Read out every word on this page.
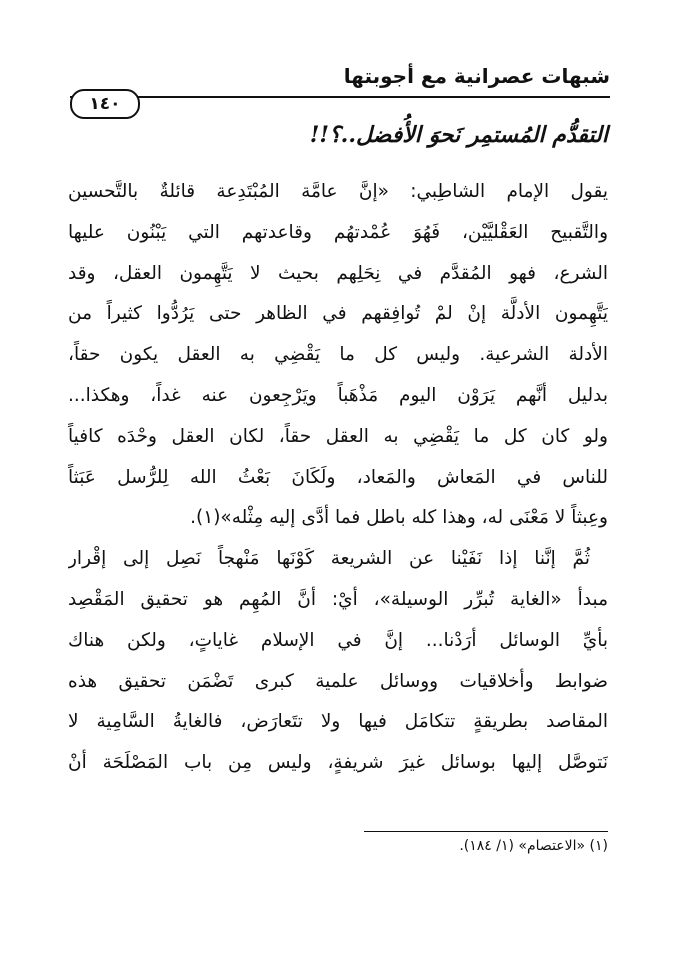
شبهات عصرانية مع أجوبتها
١٤٠
التقدُّم المُستمِر نَحوَ الأُفضل..؟!!
يقول الإمام الشاطِبي: «إنَّ عامَّة المُبْتَدِعة قائلةٌ بالتَّحسين
والتَّقبيح العَقْليَّيْن، فَهُوَ عُمْدتهُم وقاعدتهم التي يَبْنُون عليها
الشرع، فهو المُقدَّم في نِحَلِهم بحيث لا يَتَّهِمون العقل، وقد
يَتَّهِمون الأدلَّة إنْ لمْ تُوافِقهم في الظاهر حتى يَرُدُّوا كثيراً من
الأدلة الشرعية. وليس كل ما يَقْضِي به العقل يكون حقاً،
بدليل أنَّهم يَرَوْن اليوم مَذْهَباً ويَرْجِعون عنه غداً، وهكذا...
ولو كان كل ما يَقْضِي به العقل حقاً، لكان العقل وحْدَه كافياً
للناس في المَعاش والمَعاد، ولَكَانَ بَعْثُ الله لِلرُّسل عَبَثاً
وعِبثاً لا مَعْنَى له، وهذا كله باطل فما أدَّى إليه مِثْله»(١).
ثُمَّ إنَّنا إذا نَفَيْنا عن الشريعة كَوْنَها مَنْهجاً نَصِل إلى إقْرار
مبدأ «الغاية تُبرِّر الوسيلة»، أيْ: أنَّ المُهِم هو تحقيق المَقْصِد
بأيِّ الوسائل أرَدْنا... إنَّ في الإسلام غاياتٍ، ولكن هناك
ضوابط وأخلاقيات ووسائل علمية كبرى تَضْمَن تحقيق هذه
المقاصد بطريقةٍ تتكامَل فيها ولا تتَعارَض، فالغايةُ السَّامِية لا
نَتوصَّل إليها بوسائل غيرَ شريفةٍ، وليس مِن باب المَصْلَحَة أنْ
(١) «الاعتصام» (١/ ١٨٤).
